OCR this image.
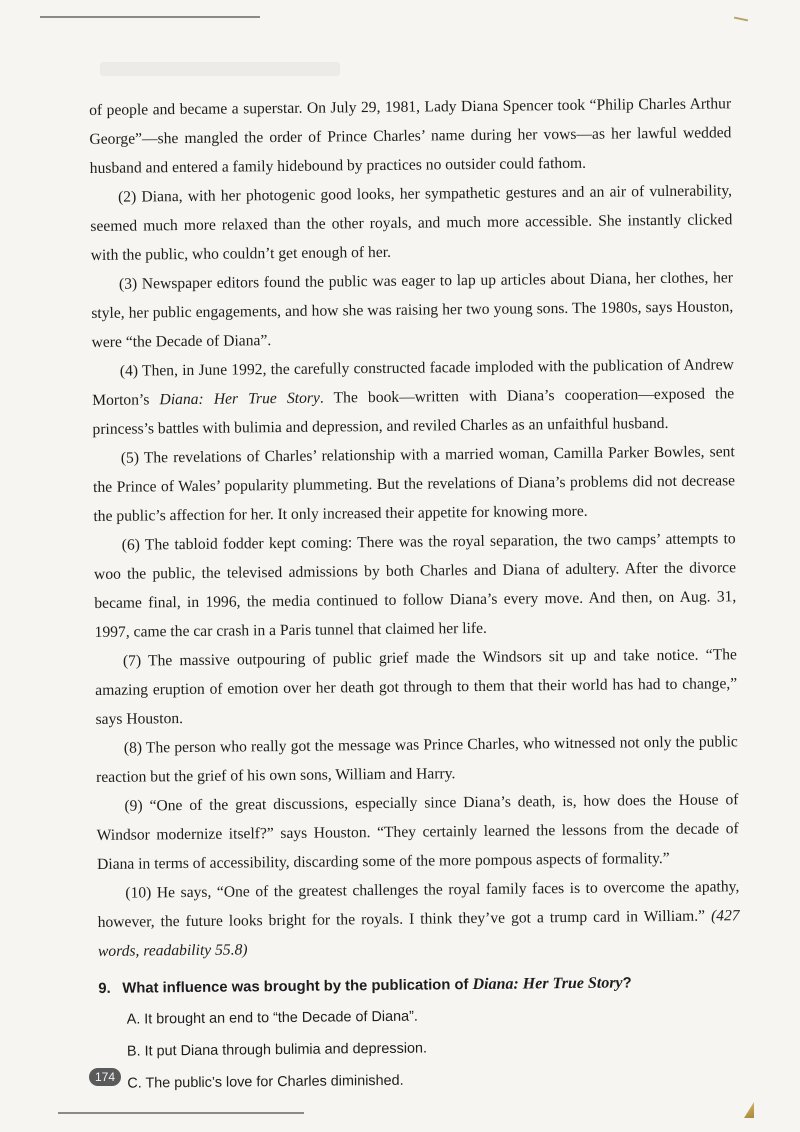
of people and became a superstar. On July 29, 1981, Lady Diana Spencer took “Philip Charles Arthur George”—she mangled the order of Prince Charles’ name during her vows—as her lawful wedded husband and entered a family hidebound by practices no outsider could fathom.

(2) Diana, with her photogenic good looks, her sympathetic gestures and an air of vulnerability, seemed much more relaxed than the other royals, and much more accessible. She instantly clicked with the public, who couldn’t get enough of her.

(3) Newspaper editors found the public was eager to lap up articles about Diana, her clothes, her style, her public engagements, and how she was raising her two young sons. The 1980s, says Houston, were “the Decade of Diana”.

(4) Then, in June 1992, the carefully constructed facade imploded with the publication of Andrew Morton’s Diana: Her True Story. The book—written with Diana’s cooperation—exposed the princess’s battles with bulimia and depression, and reviled Charles as an unfaithful husband.

(5) The revelations of Charles’ relationship with a married woman, Camilla Parker Bowles, sent the Prince of Wales’ popularity plummeting. But the revelations of Diana’s problems did not decrease the public’s affection for her. It only increased their appetite for knowing more.

(6) The tabloid fodder kept coming: There was the royal separation, the two camps’ attempts to woo the public, the televised admissions by both Charles and Diana of adultery. After the divorce became final, in 1996, the media continued to follow Diana’s every move. And then, on Aug. 31, 1997, came the car crash in a Paris tunnel that claimed her life.

(7) The massive outpouring of public grief made the Windsors sit up and take notice. “The amazing eruption of emotion over her death got through to them that their world has had to change,” says Houston.

(8) The person who really got the message was Prince Charles, who witnessed not only the public reaction but the grief of his own sons, William and Harry.

(9) “One of the great discussions, especially since Diana’s death, is, how does the House of Windsor modernize itself?” says Houston. “They certainly learned the lessons from the decade of Diana in terms of accessibility, discarding some of the more pompous aspects of formality.”

(10) He says, “One of the greatest challenges the royal family faces is to overcome the apathy, however, the future looks bright for the royals. I think they’ve got a trump card in William.” (427 words, readability 55.8)

9. What influence was brought by the publication of Diana: Her True Story?
A. It brought an end to “the Decade of Diana”.
B. It put Diana through bulimia and depression.
C. The public’s love for Charles diminished.
174
